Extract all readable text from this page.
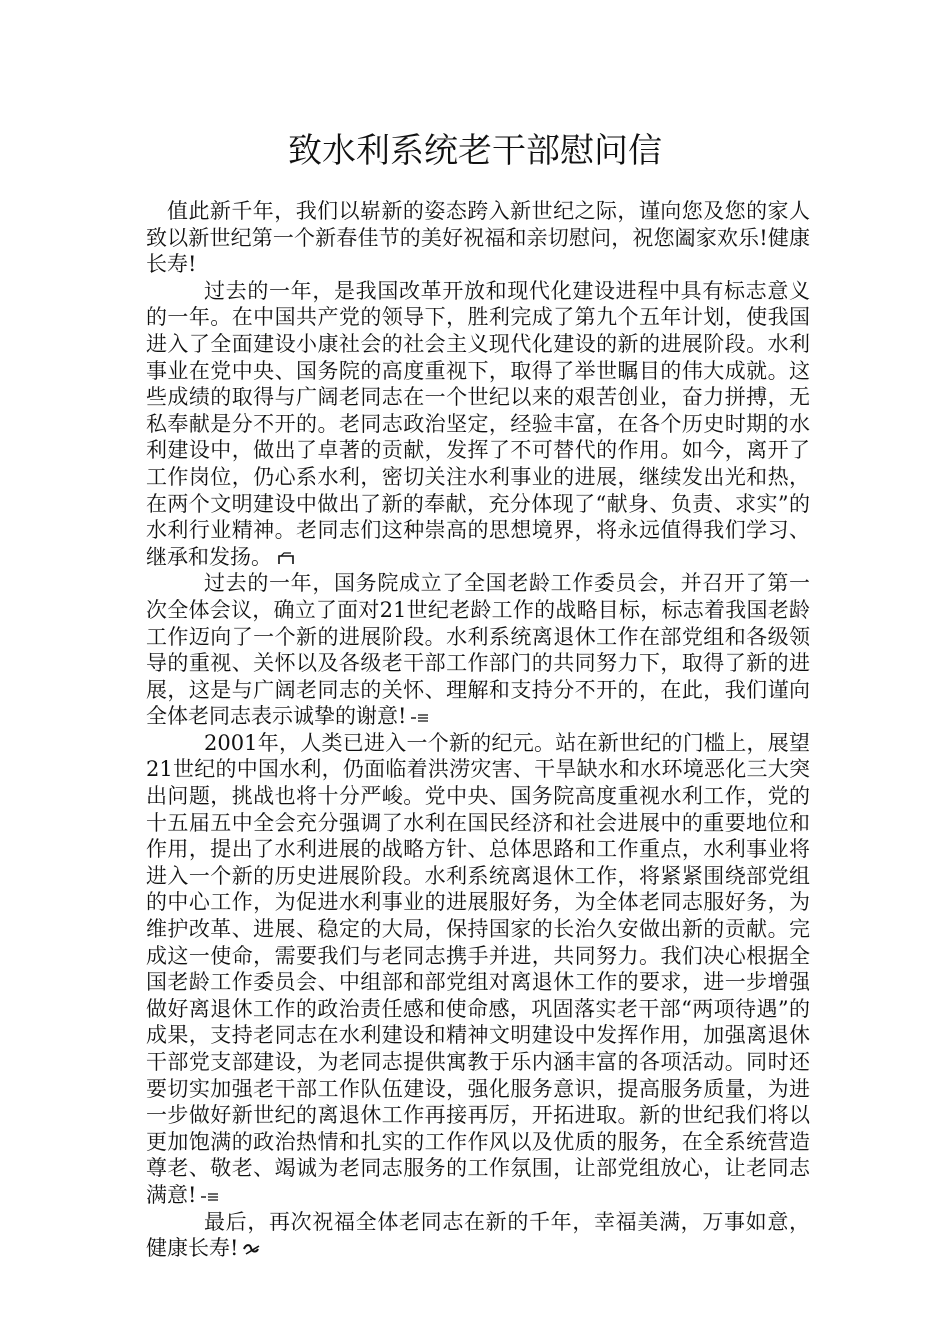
致水利系统老干部慰问信

值此新千年，我们以崭新的姿态跨入新世纪之际，谨向您及您的家人致以新世纪第一个新春佳节的美好祝福和亲切慰问，祝您阖家欢乐!健康长寿!

过去的一年，是我国改革开放和现代化建设进程中具有标志意义的一年。在中国共产党的领导下，胜利完成了第九个五年计划，使我国进入了全面建设小康社会的社会主义现代化建设的新的进展阶段。水利事业在党中央、国务院的高度重视下，取得了举世瞩目的伟大成就。这些成绩的取得与广阔老同志在一个世纪以来的艰苦创业，奋力拼搏，无私奉献是分不开的。老同志政治坚定，经验丰富，在各个历史时期的水利建设中，做出了卓著的贡献，发挥了不可替代的作用。如今，离开了工作岗位，仍心系水利，密切关注水利事业的进展，继续发出光和热，在两个文明建设中做出了新的奉献，充分体现了“献身、负责、求实”的水利行业精神。老同志们这种崇高的思想境界，将永远值得我们学习、继承和发扬。

过去的一年，国务院成立了全国老龄工作委员会，并召开了第一次全体会议，确立了面对21世纪老龄工作的战略目标，标志着我国老龄工作迈向了一个新的进展阶段。水利系统离退休工作在部党组和各级领导的重视、关怀以及各级老干部工作部门的共同努力下，取得了新的进展，这是与广阔老同志的关怀、理解和支持分不开的，在此，我们谨向全体老同志表示诚挚的谢意!

2001年，人类已进入一个新的纪元。站在新世纪的门槛上，展望21世纪的中国水利，仍面临着洪涝灾害、干旱缺水和水环境恶化三大突出问题，挑战也将十分严峻。党中央、国务院高度重视水利工作，党的十五届五中全会充分强调了水利在国民经济和社会进展中的重要地位和作用，提出了水利进展的战略方针、总体思路和工作重点，水利事业将进入一个新的历史进展阶段。水利系统离退休工作，将紧紧围绕部党组的中心工作，为促进水利事业的进展服好务，为全体老同志服好务，为维护改革、进展、稳定的大局，保持国家的长治久安做出新的贡献。完成这一使命，需要我们与老同志携手并进，共同努力。我们决心根据全国老龄工作委员会、中组部和部党组对离退休工作的要求，进一步增强做好离退休工作的政治责任感和使命感，巩固落实老干部“两项待遇”的成果，支持老同志在水利建设和精神文明建设中发挥作用，加强离退休干部党支部建设，为老同志提供寓教于乐内涵丰富的各项活动。同时还要切实加强老干部工作队伍建设，强化服务意识，提高服务质量，为进一步做好新世纪的离退休工作再接再厉，开拓进取。新的世纪我们将以更加饱满的政治热情和扎实的工作作风以及优质的服务，在全系统营造尊老、敬老、竭诚为老同志服务的工作氛围，让部党组放心，让老同志满意!

最后，再次祝福全体老同志在新的千年，幸福美满，万事如意，健康长寿!
